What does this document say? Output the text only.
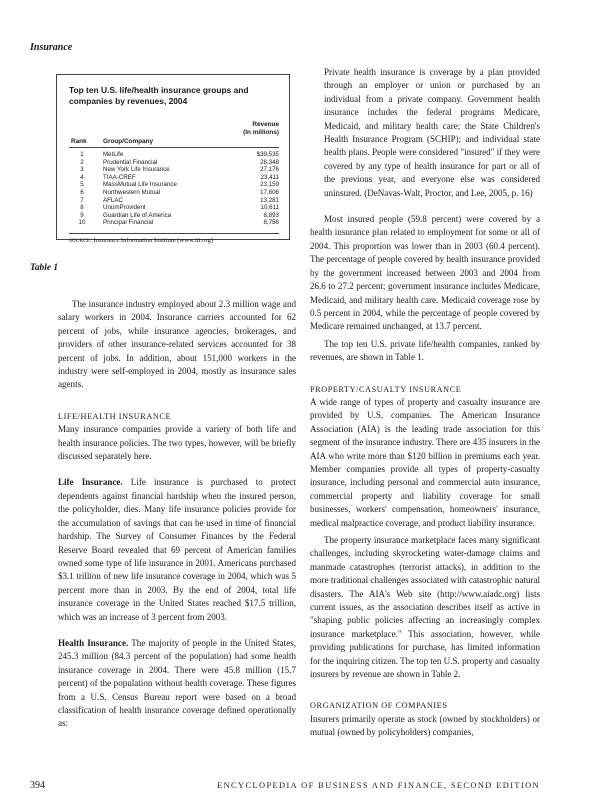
Insurance
Top ten U.S. life/health insurance groups and companies by revenues, 2004
Revenue
(In millions)
Rank	Group/Company
1	MetLife	$39,535
2	Prudential Financial	28,348
3	New York Life Insurance	27,176
4	TIAA-CREF	23,411
5	MassMutual Life Insurance	23,159
6	Northwestern Mutual	17,806
7	AFLAC	13,281
8	UnumProvident	10,611
9	Guardian Life of America	8,893
10	Principal Financial	8,756
source: Insurance Information Institute (www.iii.org)
Table 1

The insurance industry employed about 2.3 million wage and salary workers in 2004. Insurance carriers accounted for 62 percent of jobs, while insurance agencies, brokerages, and providers of other insurance-related services accounted for 38 percent of jobs. In addition, about 151,000 workers in the industry were self-employed in 2004, mostly as insurance sales agents.

LIFE/HEALTH INSURANCE

Many insurance companies provide a variety of both life and health insurance policies. The two types, however, will be briefly discussed separately here.

Life Insurance. Life insurance is purchased to protect dependents against financial hardship when the insured person, the policyholder, dies. Many life insurance policies provide for the accumulation of savings that can be used in time of financial hardship. The Survey of Consumer Finances by the Federal Reserve Board revealed that 69 percent of American families owned some type of life insurance in 2001. Americans purchased $3.1 trillion of new life insurance coverage in 2004, which was 5 percent more than in 2003. By the end of 2004, total life insurance coverage in the United States reached $17.5 trillion, which was an increase of 3 percent from 2003.

Health Insurance. The majority of people in the United States, 245.3 million (84.3 percent of the population) had some health insurance coverage in 2004. There were 45.8 million (15.7 percent) of the population without health coverage. These figures from a U.S. Census Bureau report were based on a broad classification of health insurance coverage defined operationally as:

Private health insurance is coverage by a plan provided through an employer or union or purchased by an individual from a private company. Government health insurance includes the federal programs Medicare, Medicaid, and military health care; the State Children's Health Insurance Program (SCHIP); and individual state health plans. People were considered "insured" if they were covered by any type of health insurance for part or all of the previous year, and everyone else was considered uninsured. (DeNavas-Walt, Proctor, and Lee, 2005, p. 16)

Most insured people (59.8 percent) were covered by a health insurance plan related to employment for some or all of 2004. This proportion was lower than in 2003 (60.4 percent). The percentage of people covered by health insurance provided by the government increased between 2003 and 2004 from 26.6 to 27.2 percent; government insurance includes Medicare, Medicaid, and military health care. Medicaid coverage rose by 0.5 percent in 2004, while the percentage of people covered by Medicare remained unchanged, at 13.7 percent.

The top ten U.S. private life/health companies, ranked by revenues, are shown in Table 1.

PROPERTY/CASUALTY INSURANCE

A wide range of types of property and casualty insurance are provided by U.S. companies. The American Insurance Association (AIA) is the leading trade association for this segment of the insurance industry. There are 435 insurers in the AIA who write more than $120 billion in premiums each year. Member companies provide all types of property-casualty insurance, including personal and commercial auto insurance, commercial property and liability coverage for small businesses, workers' compensation, homeowners' insurance, medical malpractice coverage, and product liability insurance.

The property insurance marketplace faces many significant challenges, including skyrocketing water-damage claims and manmade catastrophes (terrorist attacks), in addition to the more traditional challenges associated with catastrophic natural disasters. The AIA's Web site (http://www.aiadc.org) lists current issues, as the association describes itself as active in "shaping public policies affecting an increasingly complex insurance marketplace." This association, however, while providing publications for purchase, has limited information for the inquiring citizen. The top ten U.S. property and casualty insurers by revenue are shown in Table 2.

ORGANIZATION OF COMPANIES

Insurers primarily operate as stock (owned by stockholders) or mutual (owned by policyholders) companies,

394	ENCYCLOPEDIA OF BUSINESS AND FINANCE, SECOND EDITION
